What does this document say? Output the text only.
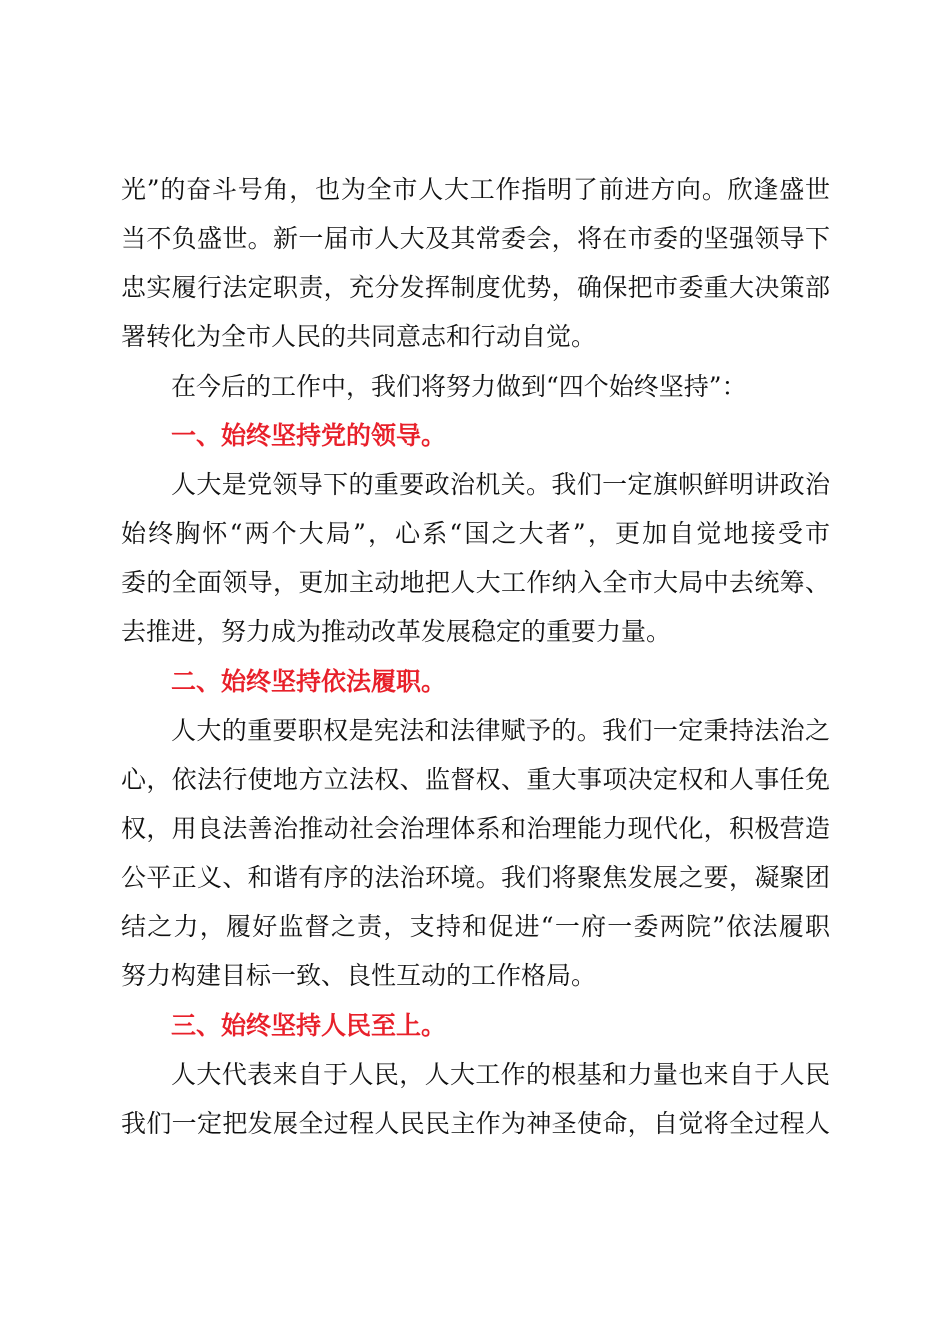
光”的奋斗号角，也为全市人大工作指明了前进方向。欣逢盛世
当不负盛世。新一届市人大及其常委会，将在市委的坚强领导下
忠实履行法定职责，充分发挥制度优势，确保把市委重大决策部
署转化为全市人民的共同意志和行动自觉。
在今后的工作中，我们将努力做到“四个始终坚持”：
一、始终坚持党的领导。
人大是党领导下的重要政治机关。我们一定旗帜鲜明讲政治
始终胸怀“两个大局”，心系“国之大者”，更加自觉地接受市
委的全面领导，更加主动地把人大工作纳入全市大局中去统筹、
去推进，努力成为推动改革发展稳定的重要力量。
二、始终坚持依法履职。
人大的重要职权是宪法和法律赋予的。我们一定秉持法治之
心，依法行使地方立法权、监督权、重大事项决定权和人事任免
权，用良法善治推动社会治理体系和治理能力现代化，积极营造
公平正义、和谐有序的法治环境。我们将聚焦发展之要，凝聚团
结之力，履好监督之责，支持和促进“一府一委两院”依法履职
努力构建目标一致、良性互动的工作格局。
三、始终坚持人民至上。
人大代表来自于人民，人大工作的根基和力量也来自于人民
我们一定把发展全过程人民民主作为神圣使命，自觉将全过程人
